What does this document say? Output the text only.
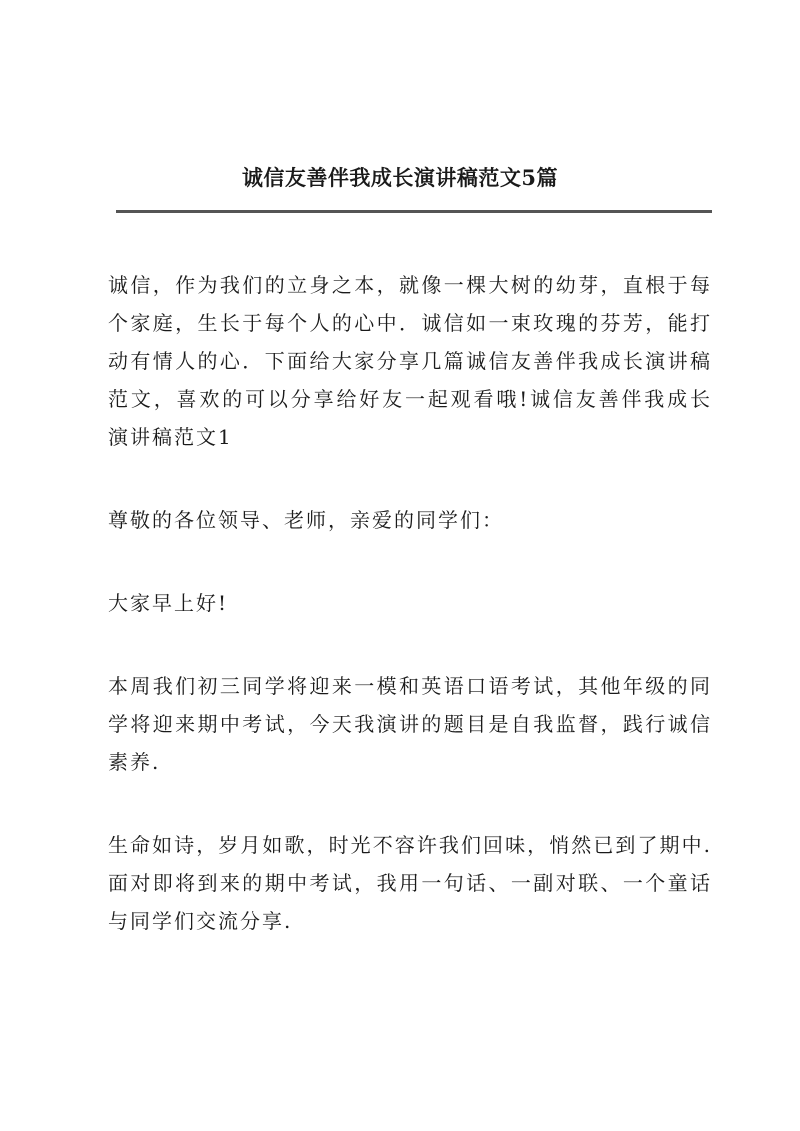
诚信友善伴我成长演讲稿范文5篇

诚信，作为我们的立身之本，就像一棵大树的幼芽，直根于每个家庭，生长于每个人的心中．诚信如一束玫瑰的芬芳，能打动有情人的心．下面给大家分享几篇诚信友善伴我成长演讲稿范文，喜欢的可以分享给好友一起观看哦!诚信友善伴我成长演讲稿范文1

尊敬的各位领导、老师，亲爱的同学们：

大家早上好!

本周我们初三同学将迎来一模和英语口语考试，其他年级的同学将迎来期中考试，今天我演讲的题目是自我监督，践行诚信素养.

生命如诗，岁月如歌，时光不容许我们回味，悄然已到了期中.面对即将到来的期中考试，我用一句话、一副对联、一个童话与同学们交流分享.
